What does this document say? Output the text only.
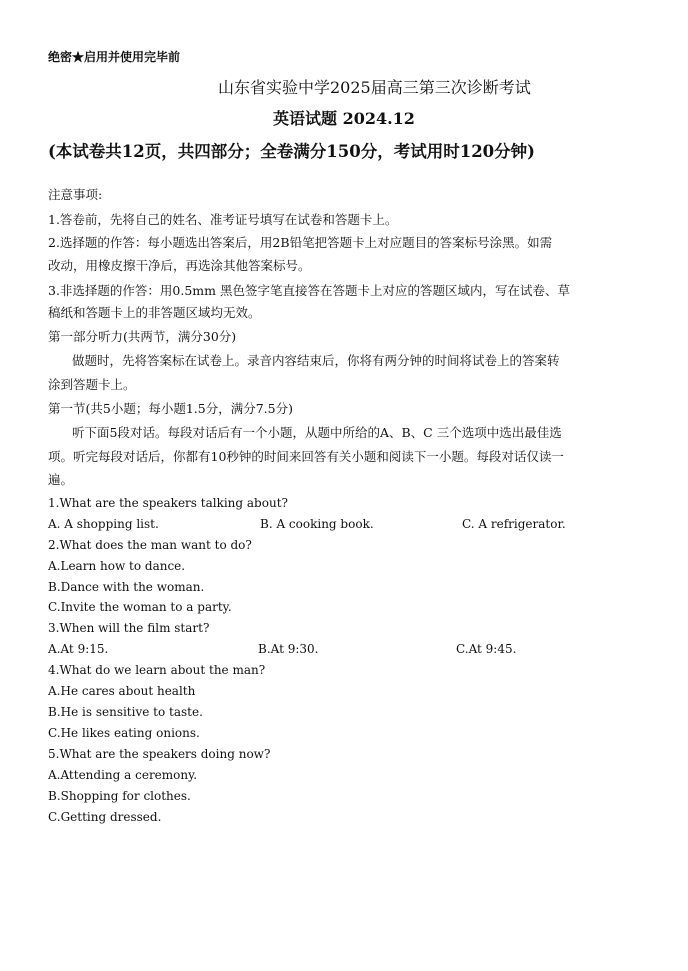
绝密★启用并使用完毕前
山东省实验中学2025届高三第三次诊断考试
英语试题 2024.12
(本试卷共12页，共四部分；全卷满分150分，考试用时120分钟)
注意事项:
1.答卷前，先将自己的姓名、准考证号填写在试卷和答题卡上。
2.选择题的作答：每小题选出答案后，用2B铅笔把答题卡上对应题目的答案标号涂黑。如需
改动，用橡皮擦干净后，再选涂其他答案标号。
3.非选择题的作答：用0.5mm 黑色签字笔直接答在答题卡上对应的答题区域内，写在试卷、草
稿纸和答题卡上的非答题区域均无效。
第一部分听力(共两节，满分30分)
做题时，先将答案标在试卷上。录音内容结束后，你将有两分钟的时间将试卷上的答案转
涂到答题卡上。
第一节(共5小题；每小题1.5分，满分7.5分)
听下面5段对话。每段对话后有一个小题，从题中所给的A、B、C 三个选项中选出最佳选
项。听完每段对话后，你都有10秒钟的时间来回答有关小题和阅读下一小题。每段对话仅读一
遍。
1.What are the speakers talking about?
A. A shopping list.	B. A cooking book.	C. A refrigerator.
2.What does the man want to do?
A.Learn how to dance.
B.Dance with the woman.
C.Invite the woman to a party.
3.When will the film start?
A.At 9:15.	B.At 9:30.	C.At 9:45.
4.What do we learn about the man?
A.He cares about health
B.He is sensitive to taste.
C.He likes eating onions.
5.What are the speakers doing now?
A.Attending a ceremony.
B.Shopping for clothes.
C.Getting dressed.
